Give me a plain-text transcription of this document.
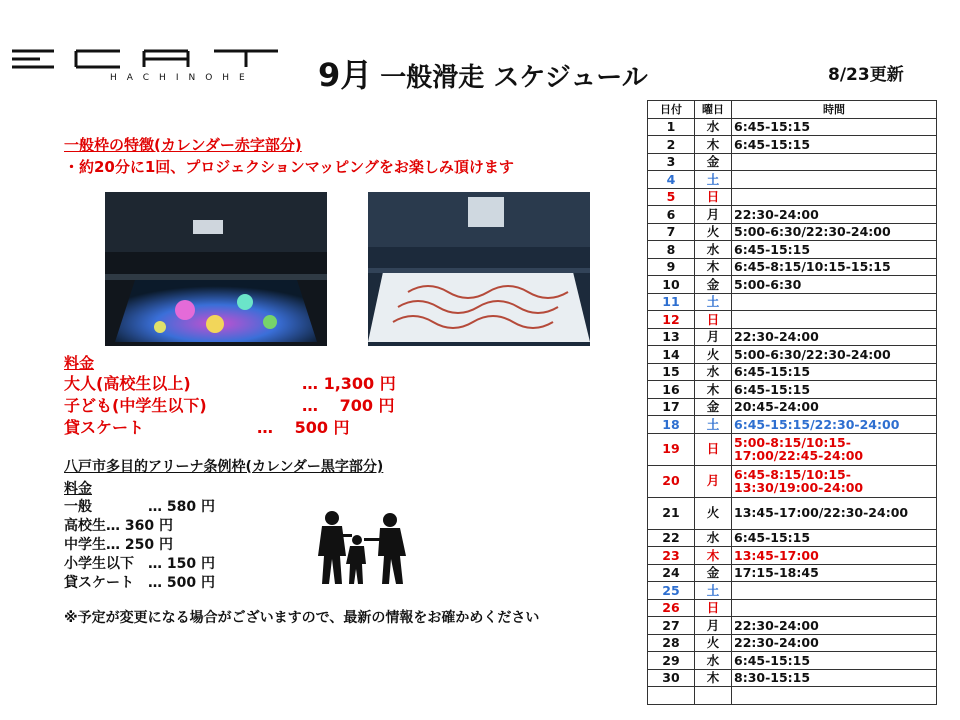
HACHINOHE 9月 一般滑走 スケジュール	8/23更新
一般枠の特徴(カレンダー赤字部分)
・約20分に1回、プロジェクションマッピングをお楽しみ頂けます
料金
大人(高校生以上)	… 1,300 円
子ども(中学生以下)	…　 700 円
貸スケート	…　 500 円
八戸市多目的アリーナ条例枠(カレンダー黒字部分)
料金
一般　　　　… 580 円
高校生… 360 円
中学生… 250 円
小学生以下　… 150 円
貸スケート　… 500 円
※予定が変更になる場合がございますので、最新の情報をお確かめください
日付	曜日	時間
1	水	6:45-15:15
2	木	6:45-15:15
3	金	
4	土	
5	日	
6	月	22:30-24:00
7	火	5:00-6:30/22:30-24:00
8	水	6:45-15:15
9	木	6:45-8:15/10:15-15:15
10	金	5:00-6:30
11	土	
12	日	
13	月	22:30-24:00
14	火	5:00-6:30/22:30-24:00
15	水	6:45-15:15
16	木	6:45-15:15
17	金	20:45-24:00
18	土	6:45-15:15/22:30-24:00
19	日	5:00-8:15/10:15-17:00/22:45-24:00
20	月	6:45-8:15/10:15-13:30/19:00-24:00
21	火	13:45-17:00/22:30-24:00
22	水	6:45-15:15
23	木	13:45-17:00
24	金	17:15-18:45
25	土	
26	日	
27	月	22:30-24:00
28	火	22:30-24:00
29	水	6:45-15:15
30	木	8:30-15:15
